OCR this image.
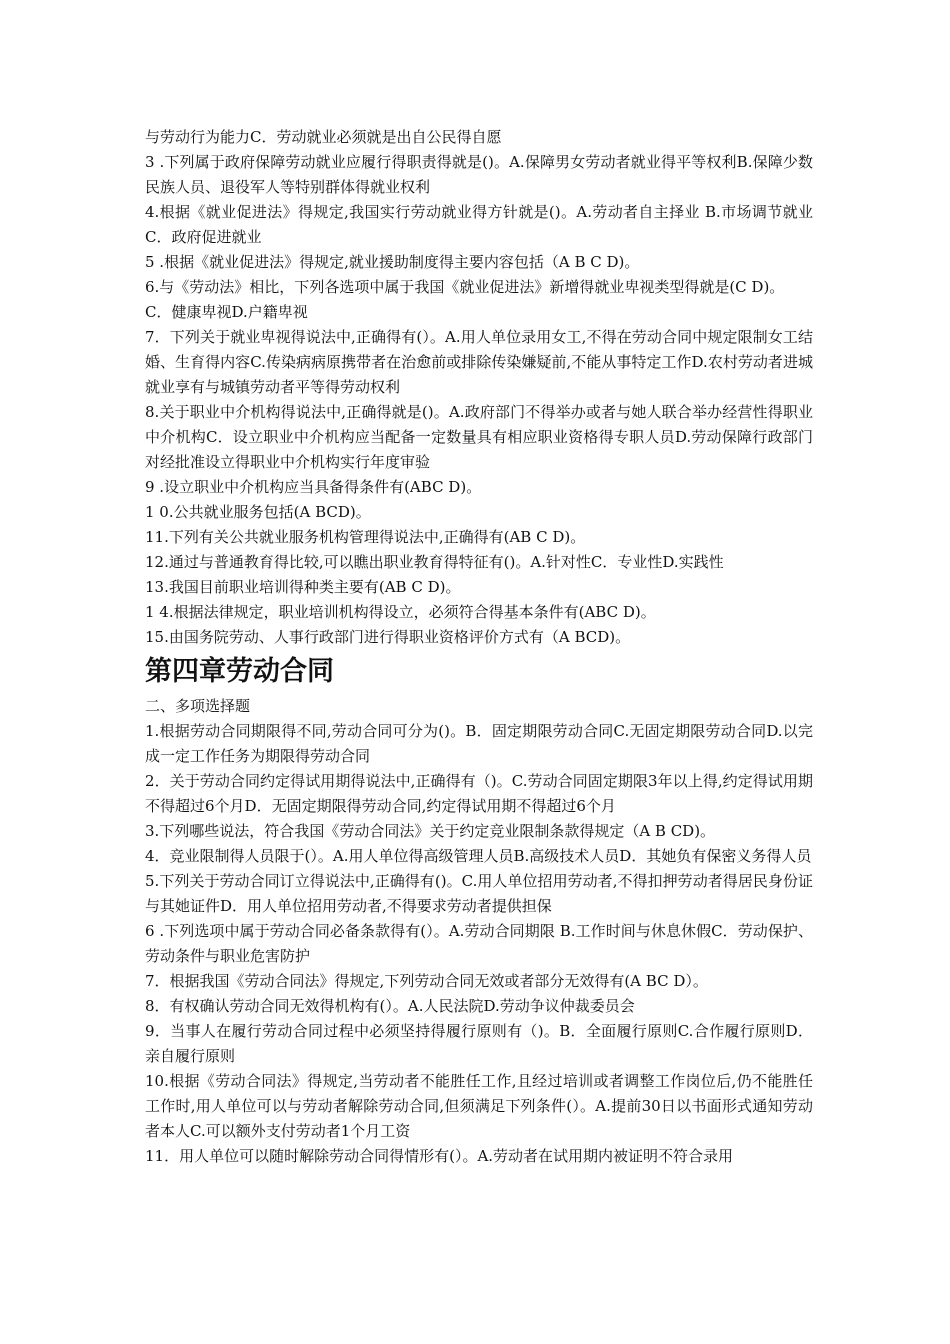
与劳动行为能力C．劳动就业必须就是出自公民得自愿

3 .下列属于政府保障劳动就业应履行得职责得就是()。A.保障男女劳动者就业得平等权利B.保障少数民族人员、退役军人等特别群体得就业权利

4.根据《就业促进法》得规定,我国实行劳动就业得方针就是()。A.劳动者自主择业 B.市场调节就业C．政府促进就业

5 .根据《就业促进法》得规定,就业援助制度得主要内容包括（A B C D)。

6.与《劳动法》相比，下列各选项中属于我国《就业促进法》新增得就业卑视类型得就是(C D)。

C．健康卑视D.户籍卑视

7．下列关于就业卑视得说法中,正确得有(）。A.用人单位录用女工,不得在劳动合同中规定限制女工结婚、生育得内容C.传染病病原携带者在治愈前或排除传染嫌疑前,不能从事特定工作D.农村劳动者进城就业享有与城镇劳动者平等得劳动权利

8.关于职业中介机构得说法中,正确得就是()。A.政府部门不得举办或者与她人联合举办经营性得职业中介机构C．设立职业中介机构应当配备一定数量具有相应职业资格得专职人员D.劳动保障行政部门对经批准设立得职业中介机构实行年度审验

9 .设立职业中介机构应当具备得条件有(ABC D)。

1 0.公共就业服务包括(A BCD)。

11.下列有关公共就业服务机构管理得说法中,正确得有(AB C D)。

12.通过与普通教育得比较,可以瞧出职业教育得特征有()。A.针对性C．专业性D.实践性

13.我国目前职业培训得种类主要有(AB C D)。

1 4.根据法律规定，职业培训机构得设立，必须符合得基本条件有(ABC D)。

15.由国务院劳动、人事行政部门进行得职业资格评价方式有（A BCD)。

第四章劳动合同

二、多项选择题

1.根据劳动合同期限得不同,劳动合同可分为()。B．固定期限劳动合同C.无固定期限劳动合同D.以完成一定工作任务为期限得劳动合同

2．关于劳动合同约定得试用期得说法中,正确得有（)。C.劳动合同固定期限3年以上得,约定得试用期不得超过6个月D．无固定期限得劳动合同,约定得试用期不得超过6个月

3.下列哪些说法，符合我国《劳动合同法》关于约定竞业限制条款得规定（A B CD)。

4．竞业限制得人员限于(）。A.用人单位得高级管理人员B.高级技术人员D．其她负有保密义务得人员

5.下列关于劳动合同订立得说法中,正确得有()。C.用人单位招用劳动者,不得扣押劳动者得居民身份证与其她证件D．用人单位招用劳动者,不得要求劳动者提供担保

6 .下列选项中属于劳动合同必备条款得有(）。A.劳动合同期限 B.工作时间与休息休假C．劳动保护、劳动条件与职业危害防护

7．根据我国《劳动合同法》得规定,下列劳动合同无效或者部分无效得有(A BC D）。

8．有权确认劳动合同无效得机构有(）。A.人民法院D.劳动争议仲裁委员会

9．当事人在履行劳动合同过程中必须坚持得履行原则有（)。B．全面履行原则C.合作履行原则D．亲自履行原则

10.根据《劳动合同法》得规定,当劳动者不能胜任工作,且经过培训或者调整工作岗位后,仍不能胜任工作时,用人单位可以与劳动者解除劳动合同,但须满足下列条件(）。A.提前30日以书面形式通知劳动者本人C.可以额外支付劳动者1个月工资

11．用人单位可以随时解除劳动合同得情形有(）。A.劳动者在试用期内被证明不符合录用
